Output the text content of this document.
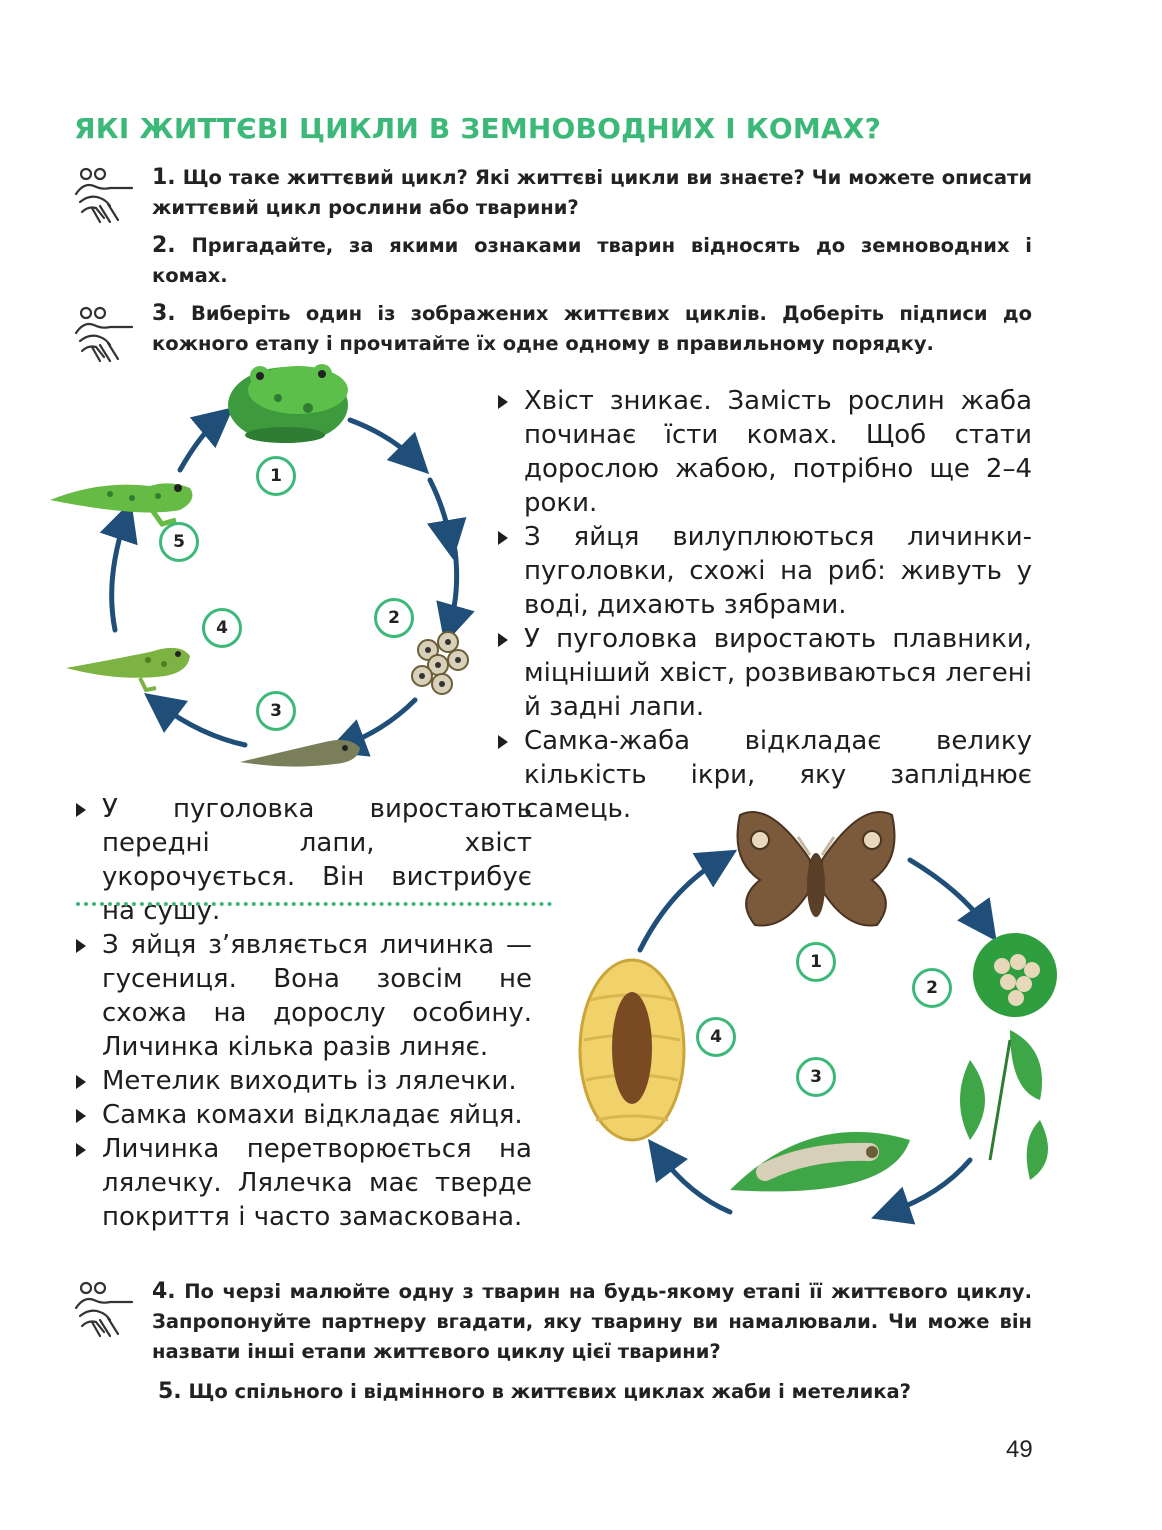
ЯКІ ЖИТТЄВІ ЦИКЛИ В ЗЕМНОВОДНИХ І КОМАХ?
1. Що таке життєвий цикл? Які життєві цикли ви знаєте? Чи можете описати життєвий цикл рослини або тварини?
2. Пригадайте, за якими ознаками тварин відносять до земноводних і комах.
3. Виберіть один із зображених життєвих циклів. Доберіть підписи до кожного етапу і прочитайте їх одне одному в правильному порядку.
1
2
3
4
5
Хвіст зникає. Замість рослин жаба починає їсти комах. Щоб стати дорослою жабою, потрібно ще 2–4 роки.
З яйця вилуплюються личинки-пуголовки, схожі на риб: живуть у воді, дихають зябрами.
У пуголовка виростають плавники, міцніший хвіст, розвиваються легені й задні лапи.
Самка-жаба відкладає велику кількість ікри, яку запліднює самець.
У пуголовка виростають передні лапи, хвіст укорочується. Він вистрибує на сушу.
З яйця з’являється личинка — гусениця. Вона зовсім не схожа на дорослу особину. Личинка кілька разів линяє.
Метелик виходить із лялечки.
Самка комахи відкладає яйця.
Личинка перетворюється на лялечку. Лялечка має тверде покриття і часто замаскована.
1
2
3
4
4. По черзі малюйте одну з тварин на будь-якому етапі її життєвого циклу. Запропонуйте партнеру вгадати, яку тварину ви намалювали. Чи може він назвати інші етапи життєвого циклу цієї тварини?
5. Що спільного і відмінного в життєвих циклах жаби і метелика?
49
